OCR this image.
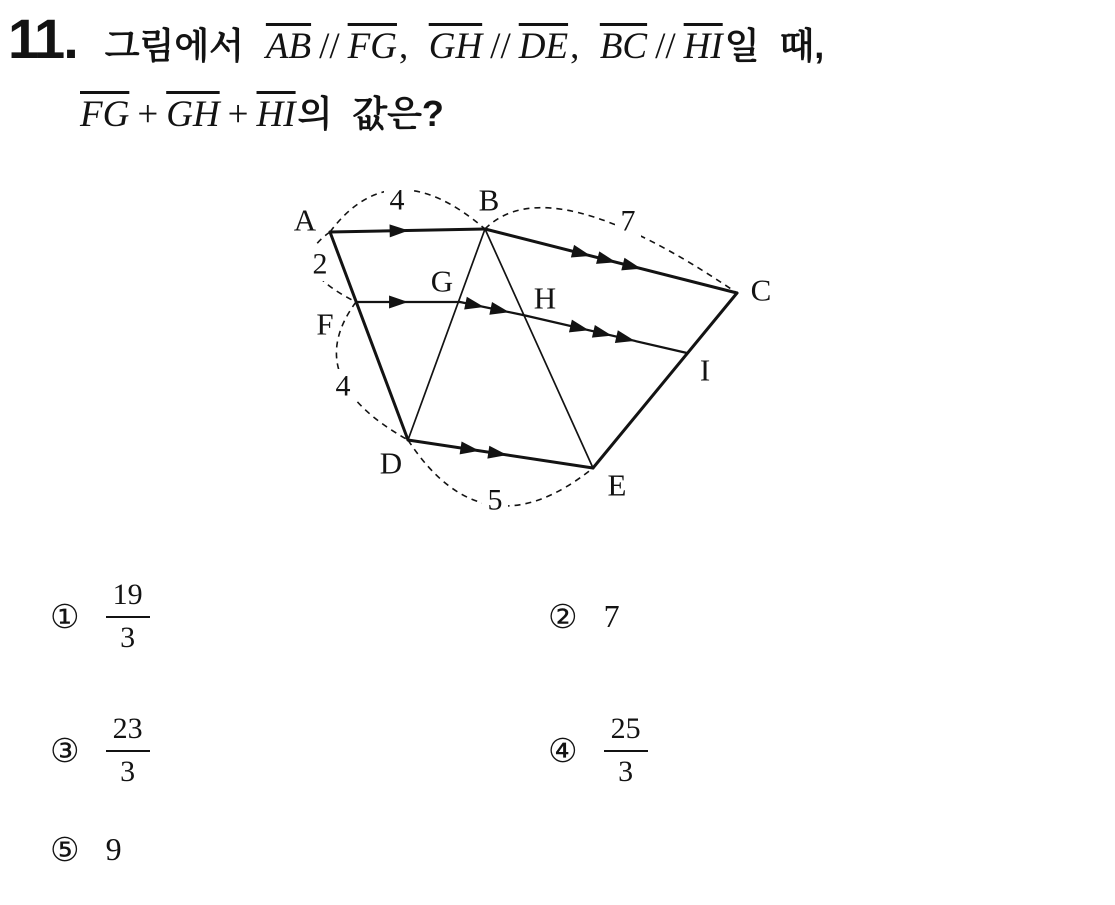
11. 그림에서  $\overline{AB} // \overline{FG}$,  $\overline{GH} // \overline{DE}$,  $\overline{BC} // \overline{HI}$일  때,
$\overline{FG} + \overline{GH} + \overline{HI}$의  값은?
4
7
2
4
5
A
B
C
D
E
F
G	H
I
① $\frac{19}{3}$	② 7
③ $\frac{23}{3}$	④ $\frac{25}{3}$
⑤ 9
